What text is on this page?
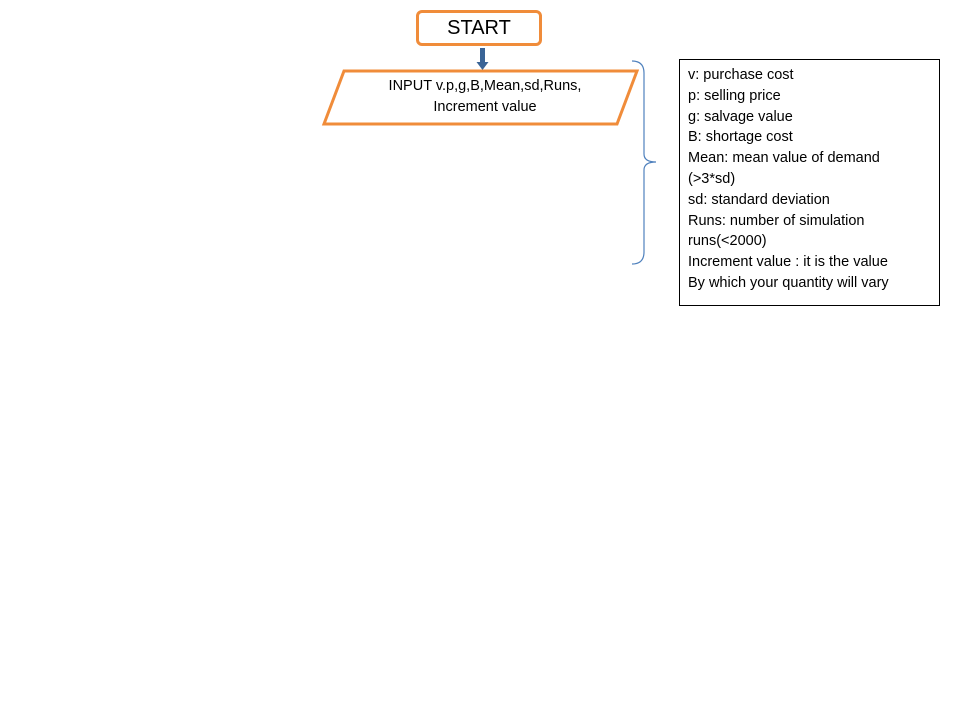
START
INPUT v.p,g,B,Mean,sd,Runs,
Increment value
v: purchase cost
p: selling price
g: salvage value
B: shortage cost
Mean: mean value of demand
(>3*sd)
sd: standard deviation
Runs: number of simulation
runs(<2000)
Increment value : it is the value
By which your quantity will vary
